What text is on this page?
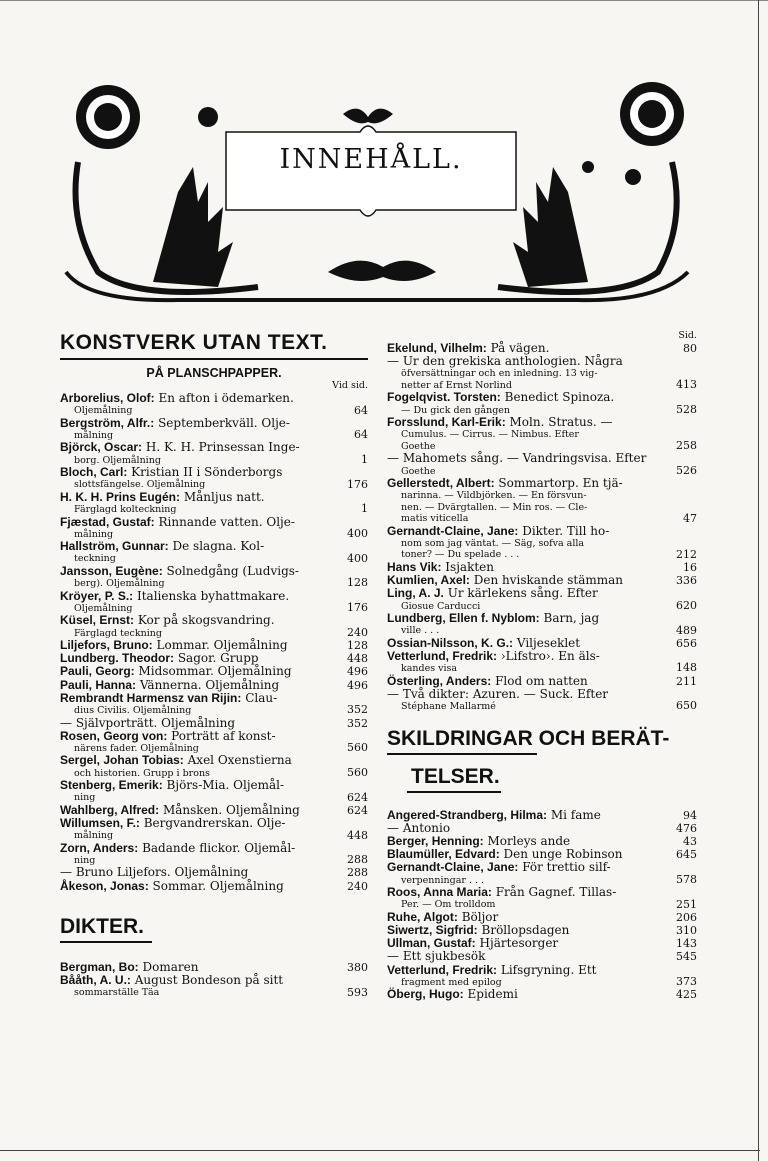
INNEHÅLL.
KONSTVERK UTAN TEXT.
PÅ PLANSCHPAPPER.
Vid sid.
Arborelius, Olof: En afton i ödemarken.
Oljemålning	64
Bergström, Alfr.: Septemberkväll. Olje-
målning	64
Björck, Oscar: H. K. H. Prinsessan Inge-
borg. Oljemålning	1
Bloch, Carl: Kristian II i Sönderborgs
slottsfängelse. Oljemålning	176
H. K. H. Prins Eugén: Månljus natt.
Färglagd kolteckning	1
Fjæstad, Gustaf: Rinnande vatten. Olje-
målning	400
Hallström, Gunnar: De slagna. Kol-
teckning	400
Jansson, Eugène: Solnedgång (Ludvigs-
berg). Oljemålning	128
Kröyer, P. S.: Italienska byhattmakare.
Oljemålning	176
Küsel, Ernst: Kor på skogsvandring.
Färglagd teckning	240
Liljefors, Bruno: Lommar. Oljemålning	128
Lundberg. Theodor: Sagor. Grupp	448
Pauli, Georg: Midsommar. Oljemålning	496
Pauli, Hanna: Vännerna. Oljemålning	496
Rembrandt Harmensz van Rijin: Clau-
dius Civilis. Oljemålning	352
— Självporträtt. Oljemålning	352
Rosen, Georg von: Porträtt af konst-
närens fader. Oljemålning	560
Sergel, Johan Tobias: Axel Oxenstierna
och historien. Grupp i brons	560
Stenberg, Emerik: Björs-Mia. Oljemål-
ning	624
Wahlberg, Alfred: Månsken. Oljemålning	624
Willumsen, F.: Bergvandrerskan. Olje-
målning	448
Zorn, Anders: Badande flickor. Oljemål-
ning	288
— Bruno Liljefors. Oljemålning	288
Åkeson, Jonas: Sommar. Oljemålning	240
DIKTER.
Bergman, Bo: Domaren	380
Bååth, A. U.: August Bondeson på sitt
sommarställe Täa	593
Sid.
Ekelund, Vilhelm: På vägen.	80
— Ur den grekiska anthologien. Några
öfversättningar och en inledning. 13 vig-
netter af Ernst Norlind	413
Fogelqvist. Torsten: Benedict Spinoza.
— Du gick den gången	528
Forsslund, Karl-Erik: Moln. Stratus. —
Cumulus. — Cirrus. — Nimbus. Efter
Goethe	258
— Mahomets sång. — Vandringsvisa. Efter
Goethe	526
Gellerstedt, Albert: Sommartorp. En tjä-
narinna. — Vildbjörken. — En försvun-
nen. — Dvärgtallen. — Min ros. — Cle-
matis viticella	47
Gernandt-Claine, Jane: Dikter. Till ho-
nom som jag väntat. — Säg, sofva alla
toner? — Du spelade . . .	212
Hans Vik: Isjakten	16
Kumlien, Axel: Den hviskande stämman	336
Ling, A. J. Ur kärlekens sång. Efter
Giosue Carducci	620
Lundberg, Ellen f. Nyblom: Barn, jag
ville . . .	489
Ossian-Nilsson, K. G.: Viljeseklet	656
Vetterlund, Fredrik: ›Lifstro›. En äls-
kandes visa	148
Österling, Anders: Flod om natten	211
— Två dikter: Azuren. — Suck. Efter
Stéphane Mallarmé	650
SKILDRINGAR OCH BERÄT-
TELSER.
Angered-Strandberg, Hilma: Mi fame	94
— Antonio	476
Berger, Henning: Morleys ande	43
Blaumüller, Edvard: Den unge Robinson	645
Gernandt-Claine, Jane: För trettio silf-
verpenningar . . .	578
Roos, Anna Maria: Från Gagnef. Tillas-
Per. — Om trolldom	251
Ruhe, Algot: Böljor	206
Siwertz, Sigfrid: Bröllopsdagen	310
Ullman, Gustaf: Hjärtesorger	143
— Ett sjukbesök	545
Vetterlund, Fredrik: Lifsgryning. Ett
fragment med epilog	373
Öberg, Hugo: Epidemi	425
